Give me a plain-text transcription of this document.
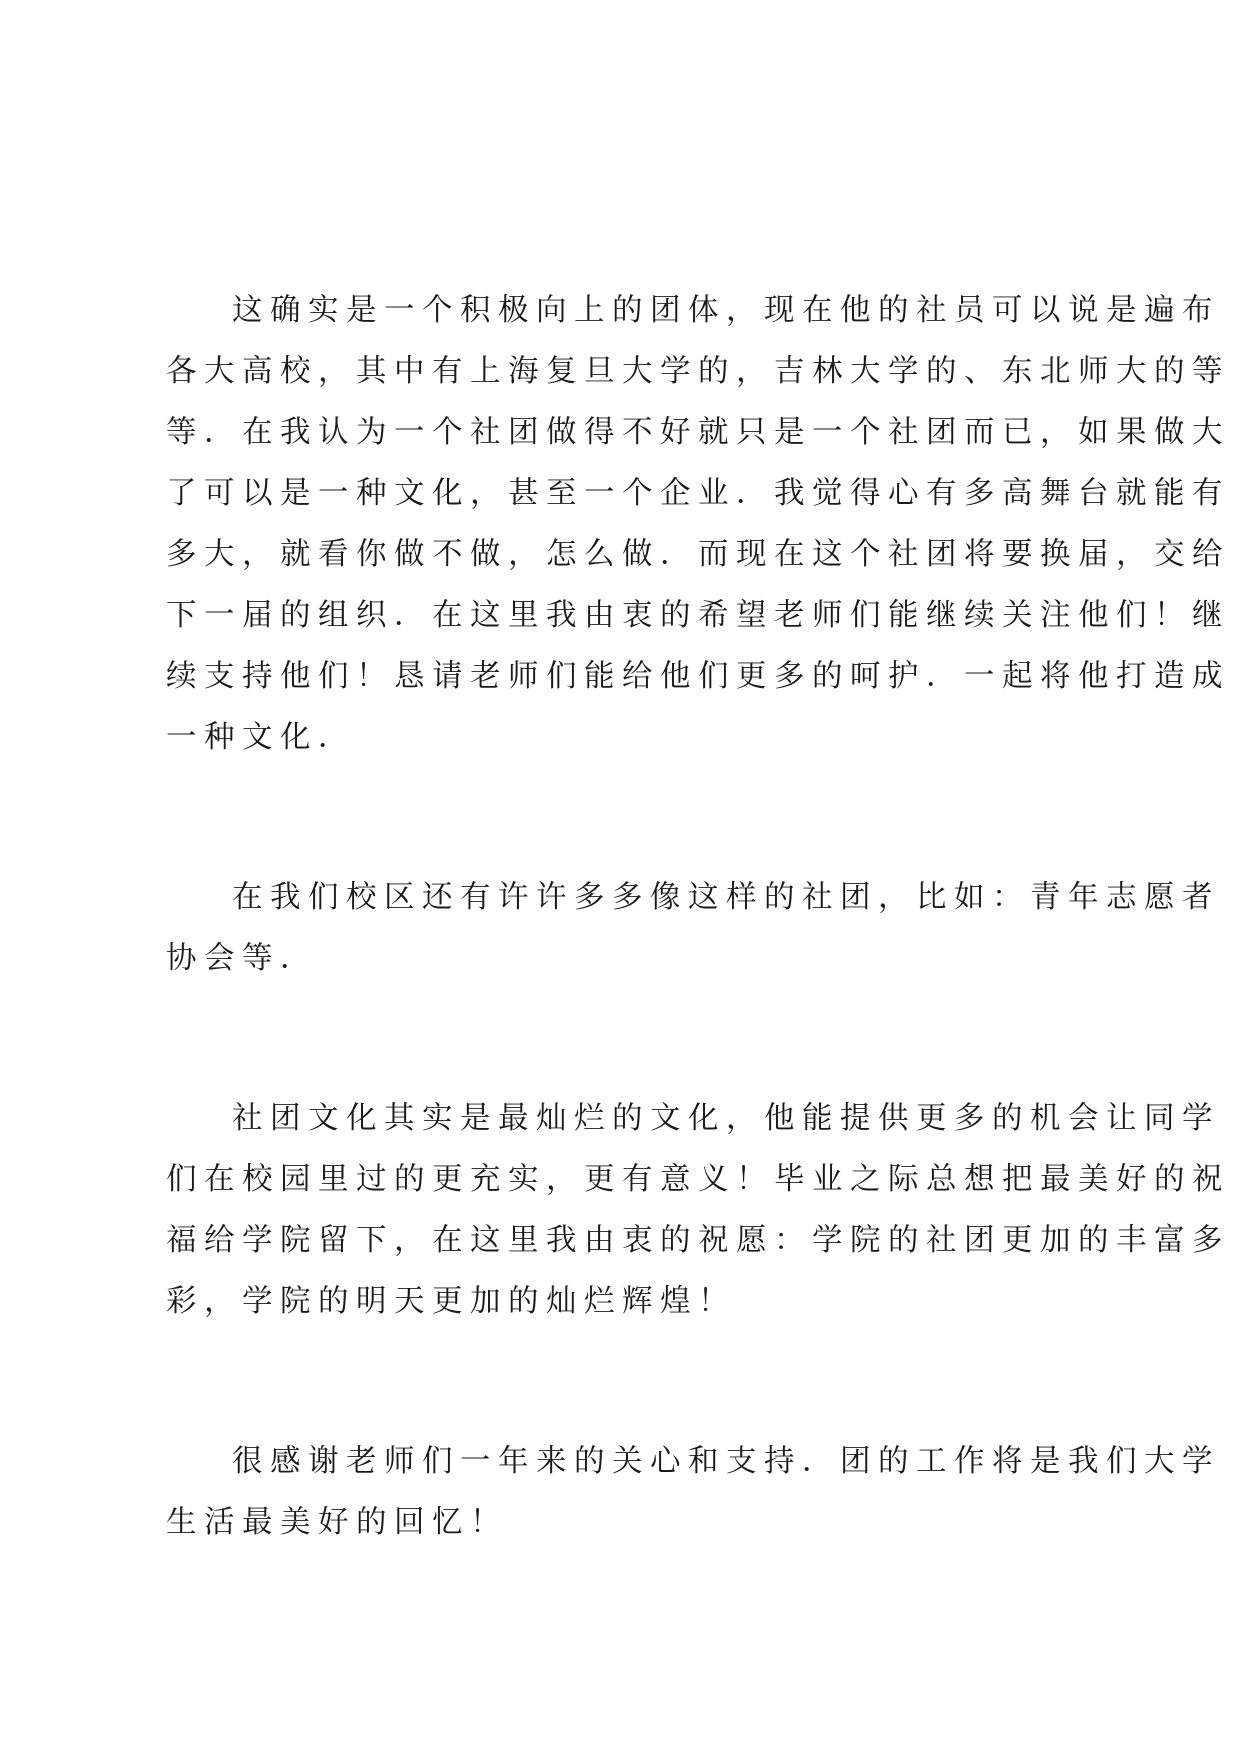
这确实是一个积极向上的团体，现在他的社员可以说是遍布
各大高校，其中有上海复旦大学的，吉林大学的、东北师大的等
等．在我认为一个社团做得不好就只是一个社团而已，如果做大
了可以是一种文化，甚至一个企业．我觉得心有多高舞台就能有
多大，就看你做不做，怎么做．而现在这个社团将要换届，交给
下一届的组织．在这里我由衷的希望老师们能继续关注他们！继
续支持他们！恳请老师们能给他们更多的呵护．一起将他打造成
一种文化．
在我们校区还有许许多多像这样的社团，比如：青年志愿者
协会等．
社团文化其实是最灿烂的文化，他能提供更多的机会让同学
们在校园里过的更充实，更有意义！毕业之际总想把最美好的祝
福给学院留下，在这里我由衷的祝愿：学院的社团更加的丰富多
彩，学院的明天更加的灿烂辉煌！
很感谢老师们一年来的关心和支持．团的工作将是我们大学
生活最美好的回忆！
